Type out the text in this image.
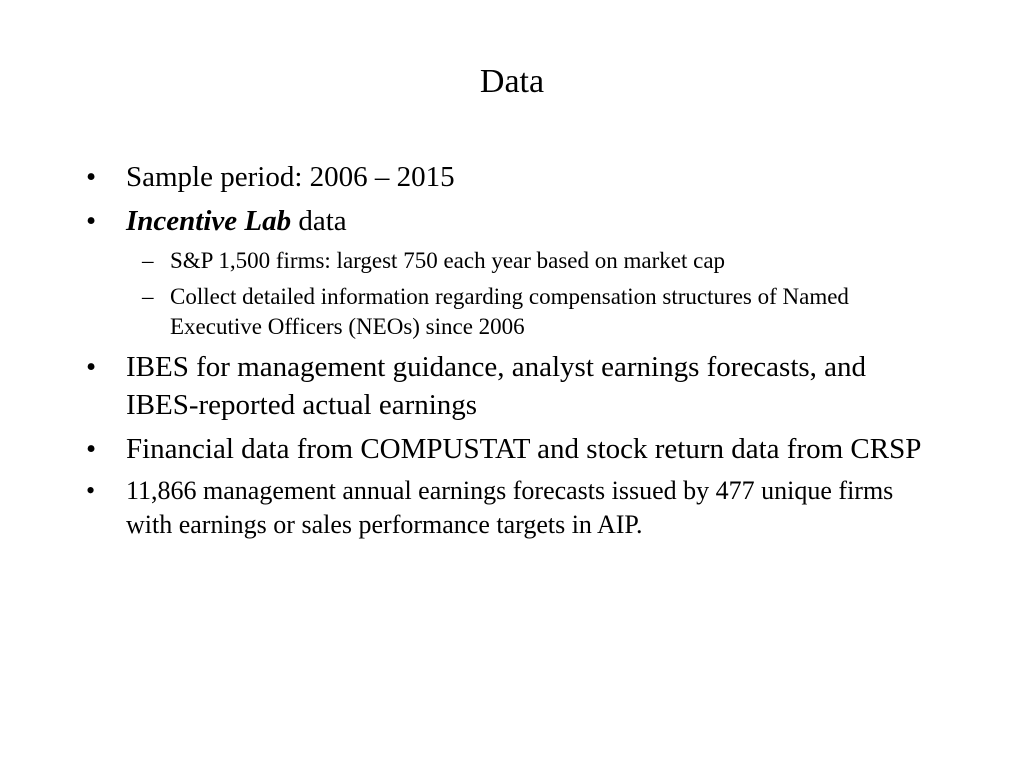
Data
•	Sample period: 2006 – 2015
•	Incentive Lab data
– S&P 1,500 firms: largest 750 each year based on market cap
– Collect detailed information regarding compensation structures of Named Executive Officers (NEOs) since 2006
•	IBES for management guidance, analyst earnings forecasts, and IBES-reported actual earnings
•	Financial data from COMPUSTAT and stock return data from CRSP
•	11,866 management annual earnings forecasts issued by 477 unique firms with earnings or sales performance targets in AIP.
